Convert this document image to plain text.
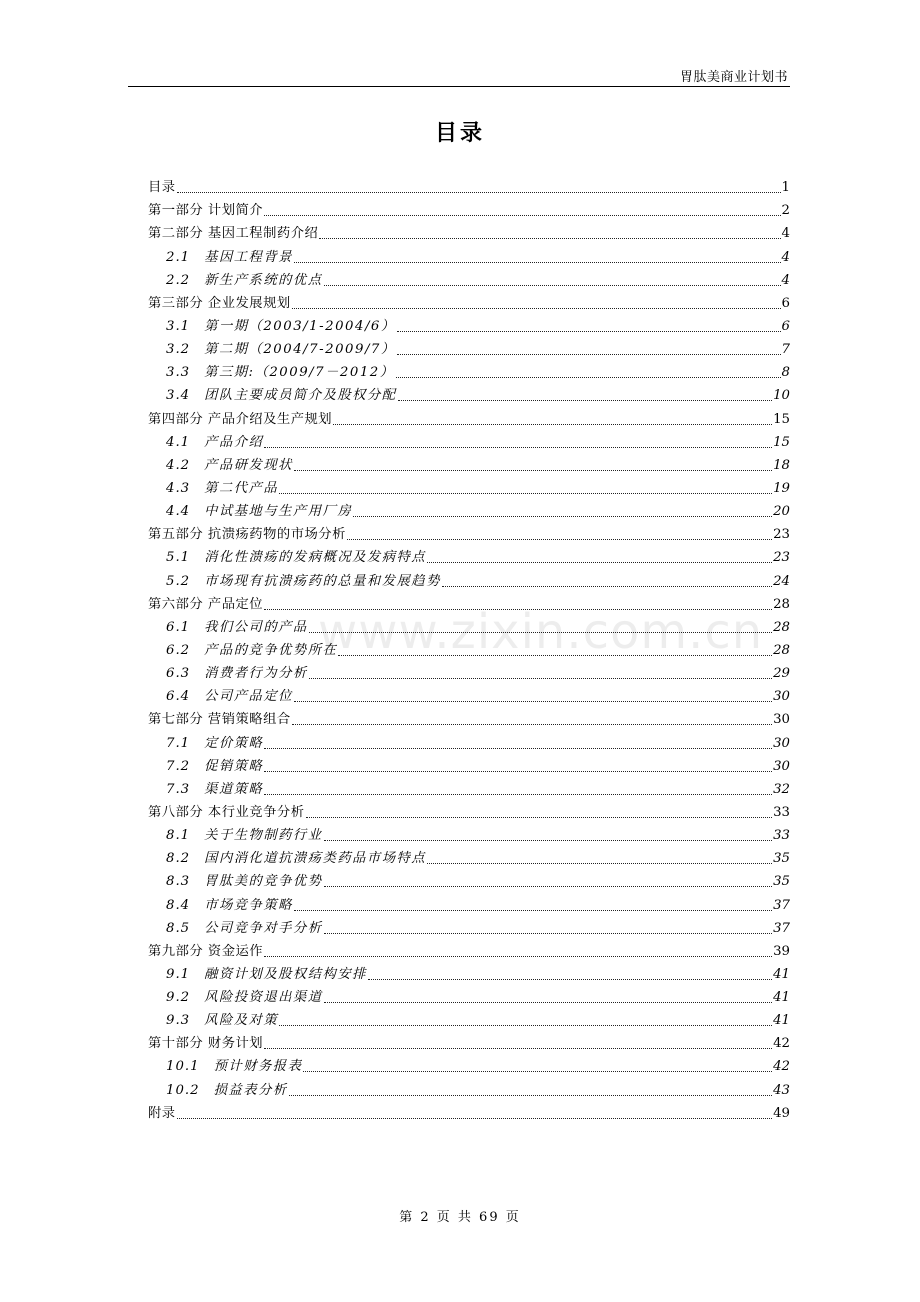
胃肽美商业计划书
目录
目录	1
第一部分 计划简介	2
第二部分 基因工程制药介绍	4
2.1 基因工程背景	4
2.2 新生产系统的优点	4
第三部分 企业发展规划	6
3.1 第一期（2003/1-2004/6）	6
3.2 第二期（2004/7-2009/7）	7
3.3 第三期:（2009/7－2012）	8
3.4 团队主要成员简介及股权分配	10
第四部分 产品介绍及生产规划	15
4.1 产品介绍	15
4.2 产品研发现状	18
4.3 第二代产品	19
4.4 中试基地与生产用厂房	20
第五部分 抗溃疡药物的市场分析	23
5.1 消化性溃疡的发病概况及发病特点	23
5.2 市场现有抗溃疡药的总量和发展趋势	24
第六部分 产品定位	28
6.1 我们公司的产品	28
6.2 产品的竞争优势所在	28
6.3 消费者行为分析	29
6.4 公司产品定位	30
第七部分 营销策略组合	30
7.1 定价策略	30
7.2 促销策略	30
7.3 渠道策略	32
第八部分 本行业竞争分析	33
8.1 关于生物制药行业	33
8.2 国内消化道抗溃疡类药品市场特点	35
8.3 胃肽美的竞争优势	35
8.4 市场竞争策略	37
8.5 公司竞争对手分析	37
第九部分 资金运作	39
9.1 融资计划及股权结构安排	41
9.2 风险投资退出渠道	41
9.3 风险及对策	41
第十部分 财务计划	42
10.1 预计财务报表	42
10.2 损益表分析	43
附录	49
www.zixin.com.cn
第 2 页 共 69 页
